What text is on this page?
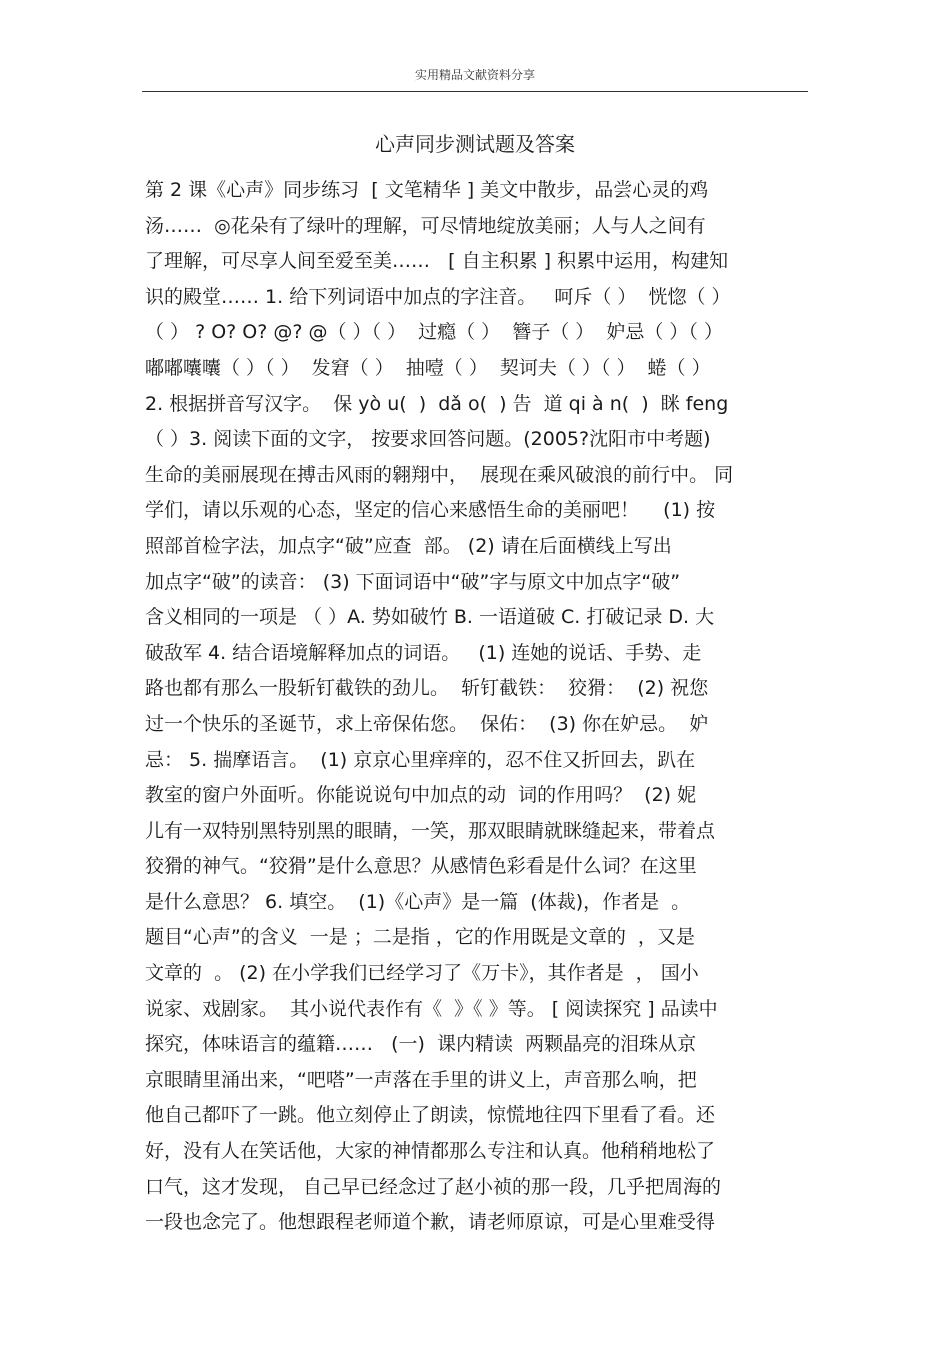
实用精品文献资料分享
心声同步测试题及答案
第 2 课《心声》同步练习  [ 文笔精华 ] 美文中散步，品尝心灵的鸡
汤……  ◎花朵有了绿叶的理解，可尽情地绽放美丽；人与人之间有
了理解，可尽享人间至爱至美……   [ 自主积累 ] 积累中运用，构建知
识的殿堂…… 1. 给下列词语中加点的字注音。   呵斥（ ）  恍惚（ ）
（ ） ? O? O? @? @（ ）（ ）  过瘾（ ）  簪子（ ）  妒忌（ ）（ ）
嘟嘟囔囔（ ）（ ）  发窘（ ）  抽噎（ ）  契诃夫（ ）（ ）  蜷（ ）
2. 根据拼音写汉字。  保 yò u(  )  dǎ o(  ) 告  道 qi à n(  )  眯 feng
（ ）3. 阅读下面的文字， 按要求回答问题。(2005?沈阳市中考题)
生命的美丽展现在搏击风雨的翱翔中，  展现在乘风破浪的前行中。 同
学们，请以乐观的心态，坚定的信心来感悟生命的美丽吧！    (1) 按
照部首检字法，加点字“破”应查  部。 (2) 请在后面横线上写出
加点字“破”的读音： (3) 下面词语中“破”字与原文中加点字“破”
含义相同的一项是 （ ）A. 势如破竹 B. 一语道破 C. 打破记录 D. 大
破敌军 4. 结合语境解释加点的词语。   (1) 连她的说话、手势、走
路也都有那么一股斩钉截铁的劲儿。  斩钉截铁：  狡猾：  (2) 祝您
过一个快乐的圣诞节，求上帝保佑您。  保佑：  (3) 你在妒忌。  妒
忌： 5. 揣摩语言。  (1) 京京心里痒痒的，忍不住又折回去，趴在
教室的窗户外面听。你能说说句中加点的动  词的作用吗？  (2) 妮
儿有一双特别黑特别黑的眼睛，一笑，那双眼睛就眯缝起来，带着点
狡猾的神气。“狡猾”是什么意思？从感情色彩看是什么词？在这里
是什么意思？ 6. 填空。  (1)《心声》是一篇  (体裁)，作者是  。
题目“心声”的含义  一是 ；二是指 ，它的作用既是文章的  ，又是
文章的  。 (2) 在小学我们已经学习了《万卡》，其作者是  ， 国小
说家、戏剧家。  其小说代表作有《  》《 》等。 [ 阅读探究 ] 品读中
探究，体味语言的蕴籍……   (一)  课内精读  两颗晶亮的泪珠从京
京眼睛里涌出来，“吧嗒”一声落在手里的讲义上，声音那么响，把
他自己都吓了一跳。他立刻停止了朗读，惊慌地往四下里看了看。还
好，没有人在笑话他，大家的神情都那么专注和认真。他稍稍地松了
口气，这才发现， 自己早已经念过了赵小祯的那一段，几乎把周海的
一段也念完了。他想跟程老师道个歉，请老师原谅，可是心里难受得
